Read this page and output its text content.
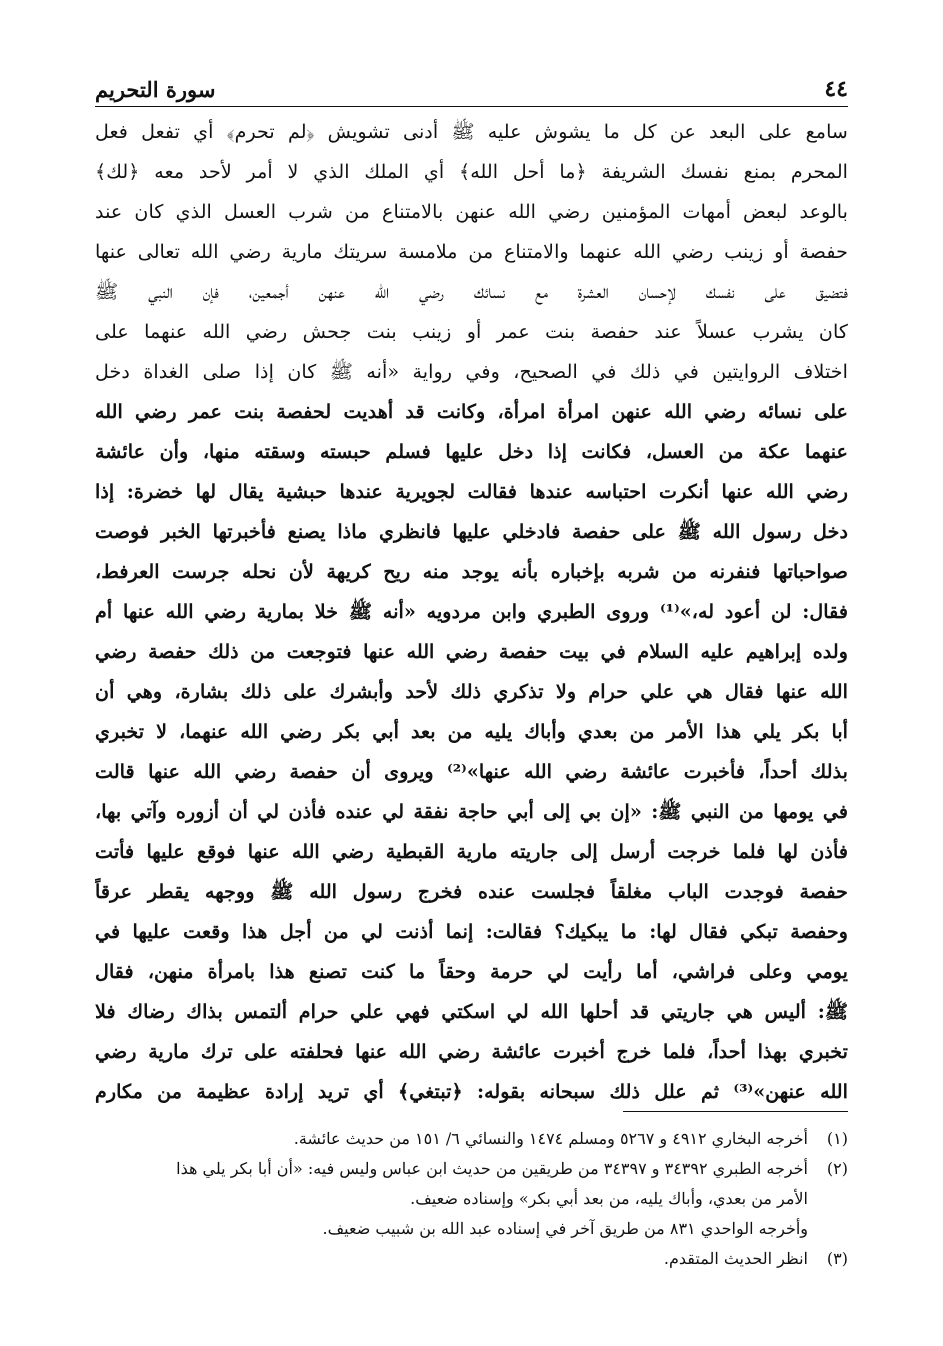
٤٤
سورة التحريم
سامع على البعد عن كل ما يشوش عليه ﷺ أدنى تشويش ﴿لم تحرم﴾ أي تفعل فعل
المحرم بمنع نفسك الشريفة ﴿ما أحل الله﴾ أي الملك الذي لا أمر لأحد معه ﴿لك﴾
بالوعد لبعض أمهات المؤمنين رضي الله عنهن بالامتناع من شرب العسل الذي كان عند
حفصة أو زينب رضي الله عنهما والامتناع من ملامسة سريتك مارية رضي الله تعالى عنها
فتضيق على نفسك لإحسان العشرة مع نسائك رضي الله عنهن أجمعين، فإن النبي ﷺ
كان يشرب عسلاً عند حفصة بنت عمر أو زينب بنت جحش رضي الله عنهما على
اختلاف الروايتين في ذلك في الصحيح، وفي رواية «أنه ﷺ كان إذا صلى الغداة دخل
على نسائه رضي الله عنهن امرأة امرأة، وكانت قد أهديت لحفصة بنت عمر رضي الله
عنهما عكة من العسل، فكانت إذا دخل عليها فسلم حبسته وسقته منها، وأن عائشة
رضي الله عنها أنكرت احتباسه عندها فقالت لجويرية عندها حبشية يقال لها خضرة: إذا
دخل رسول الله ﷺ على حفصة فادخلي عليها فانظري ماذا يصنع فأخبرتها الخبر فوصت
صواحباتها فنفرنه من شربه بإخباره بأنه يوجد منه ريح كريهة لأن نحله جرست العرفط،
فقال: لن أعود له،»⁽¹⁾ وروى الطبري وابن مردويه «أنه ﷺ خلا بمارية رضي الله عنها أم
ولده إبراهيم عليه السلام في بيت حفصة رضي الله عنها فتوجعت من ذلك حفصة رضي
الله عنها فقال هي علي حرام ولا تذكري ذلك لأحد وأبشرك على ذلك بشارة، وهي أن
أبا بكر يلي هذا الأمر من بعدي وأباك يليه من بعد أبي بكر رضي الله عنهما، لا تخبري
بذلك أحداً، فأخبرت عائشة رضي الله عنها»⁽²⁾ ويروى أن حفصة رضي الله عنها قالت
في يومها من النبي ﷺ: «إن بي إلى أبي حاجة نفقة لي عنده فأذن لي أن أزوره وآتي بها،
فأذن لها فلما خرجت أرسل إلى جاريته مارية القبطية رضي الله عنها فوقع عليها فأتت
حفصة فوجدت الباب مغلقاً فجلست عنده فخرج رسول الله ﷺ ووجهه يقطر عرقاً
وحفصة تبكي فقال لها: ما يبكيك؟ فقالت: إنما أذنت لي من أجل هذا وقعت عليها في
يومي وعلى فراشي، أما رأيت لي حرمة وحقاً ما كنت تصنع هذا بامرأة منهن، فقال
ﷺ: أليس هي جاريتي قد أحلها الله لي اسكتي فهي علي حرام ألتمس بذاك رضاك فلا
تخبري بهذا أحداً، فلما خرج أخبرت عائشة رضي الله عنها فحلفته على ترك مارية رضي
الله عنهن»⁽³⁾ ثم علل ذلك سبحانه بقوله: ﴿تبتغي﴾ أي تريد إرادة عظيمة من مكارم
(١)
أخرجه البخاري ٤٩١٢ و ٥٢٦٧ ومسلم ١٤٧٤ والنسائي ٦/ ١٥١ من حديث عائشة.
(٢)
أخرجه الطبري ٣٤٣٩٢ و ٣٤٣٩٧ من طريقين من حديث ابن عباس وليس فيه: «أن أبا بكر يلي هذا
الأمر من بعدي، وأباك يليه، من بعد أبي بكر» وإسناده ضعيف.
وأخرجه الواحدي ٨٣١ من طريق آخر في إسناده عبد الله بن شبيب ضعيف.
(٣)
انظر الحديث المتقدم.
